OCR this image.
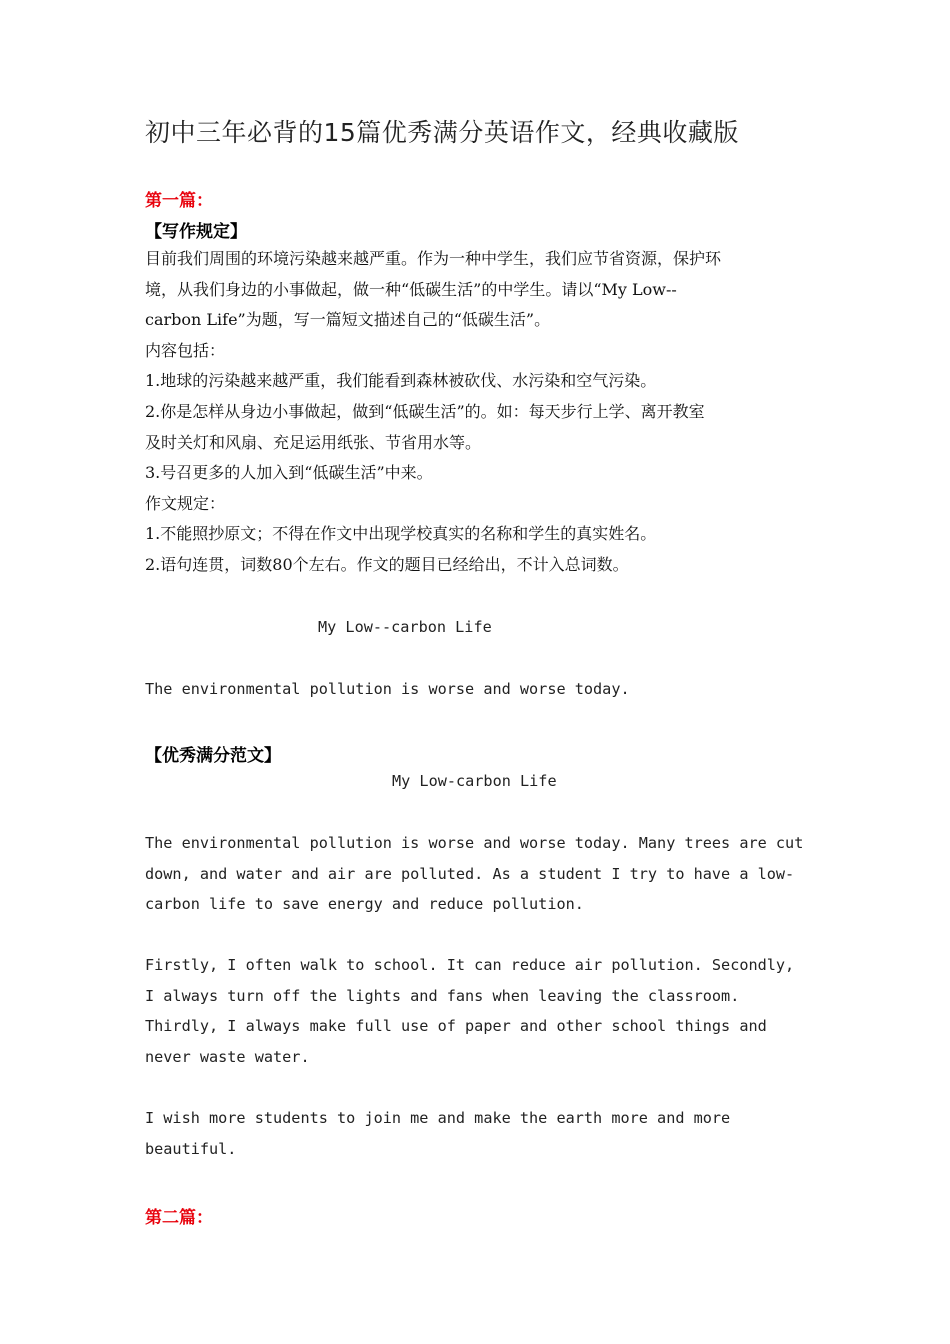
初中三年必背的15篇优秀满分英语作文，经典收藏版
第一篇：
【写作规定】
目前我们周围的环境污染越来越严重。作为一种中学生，我们应节省资源，保护环
境，从我们身边的小事做起，做一种“低碳生活”的中学生。请以“My Low--
carbon Life”为题，写一篇短文描述自己的“低碳生活”。
内容包括：
1.地球的污染越来越严重，我们能看到森林被砍伐、水污染和空气污染。
2.你是怎样从身边小事做起，做到“低碳生活”的。如：每天步行上学、离开教室
及时关灯和风扇、充足运用纸张、节省用水等。
3.号召更多的人加入到“低碳生活”中来。
作文规定：
1.不能照抄原文；不得在作文中出现学校真实的名称和学生的真实姓名。
2.语句连贯，词数80个左右。作文的题目已经给出，不计入总词数。
My Low--carbon Life
The environmental pollution is worse and worse today.
【优秀满分范文】
My Low-carbon Life
The environmental pollution is worse and worse today. Many trees are cut
down, and water and air are polluted. As a student I try to have a low-
carbon life to save energy and reduce pollution.
Firstly, I often walk to school. It can reduce air pollution. Secondly,
I always turn off the lights and fans when leaving the classroom.
Thirdly, I always make full use of paper and other school things and
never waste water.
I wish more students to join me and make the earth more and more
beautiful.
第二篇：
